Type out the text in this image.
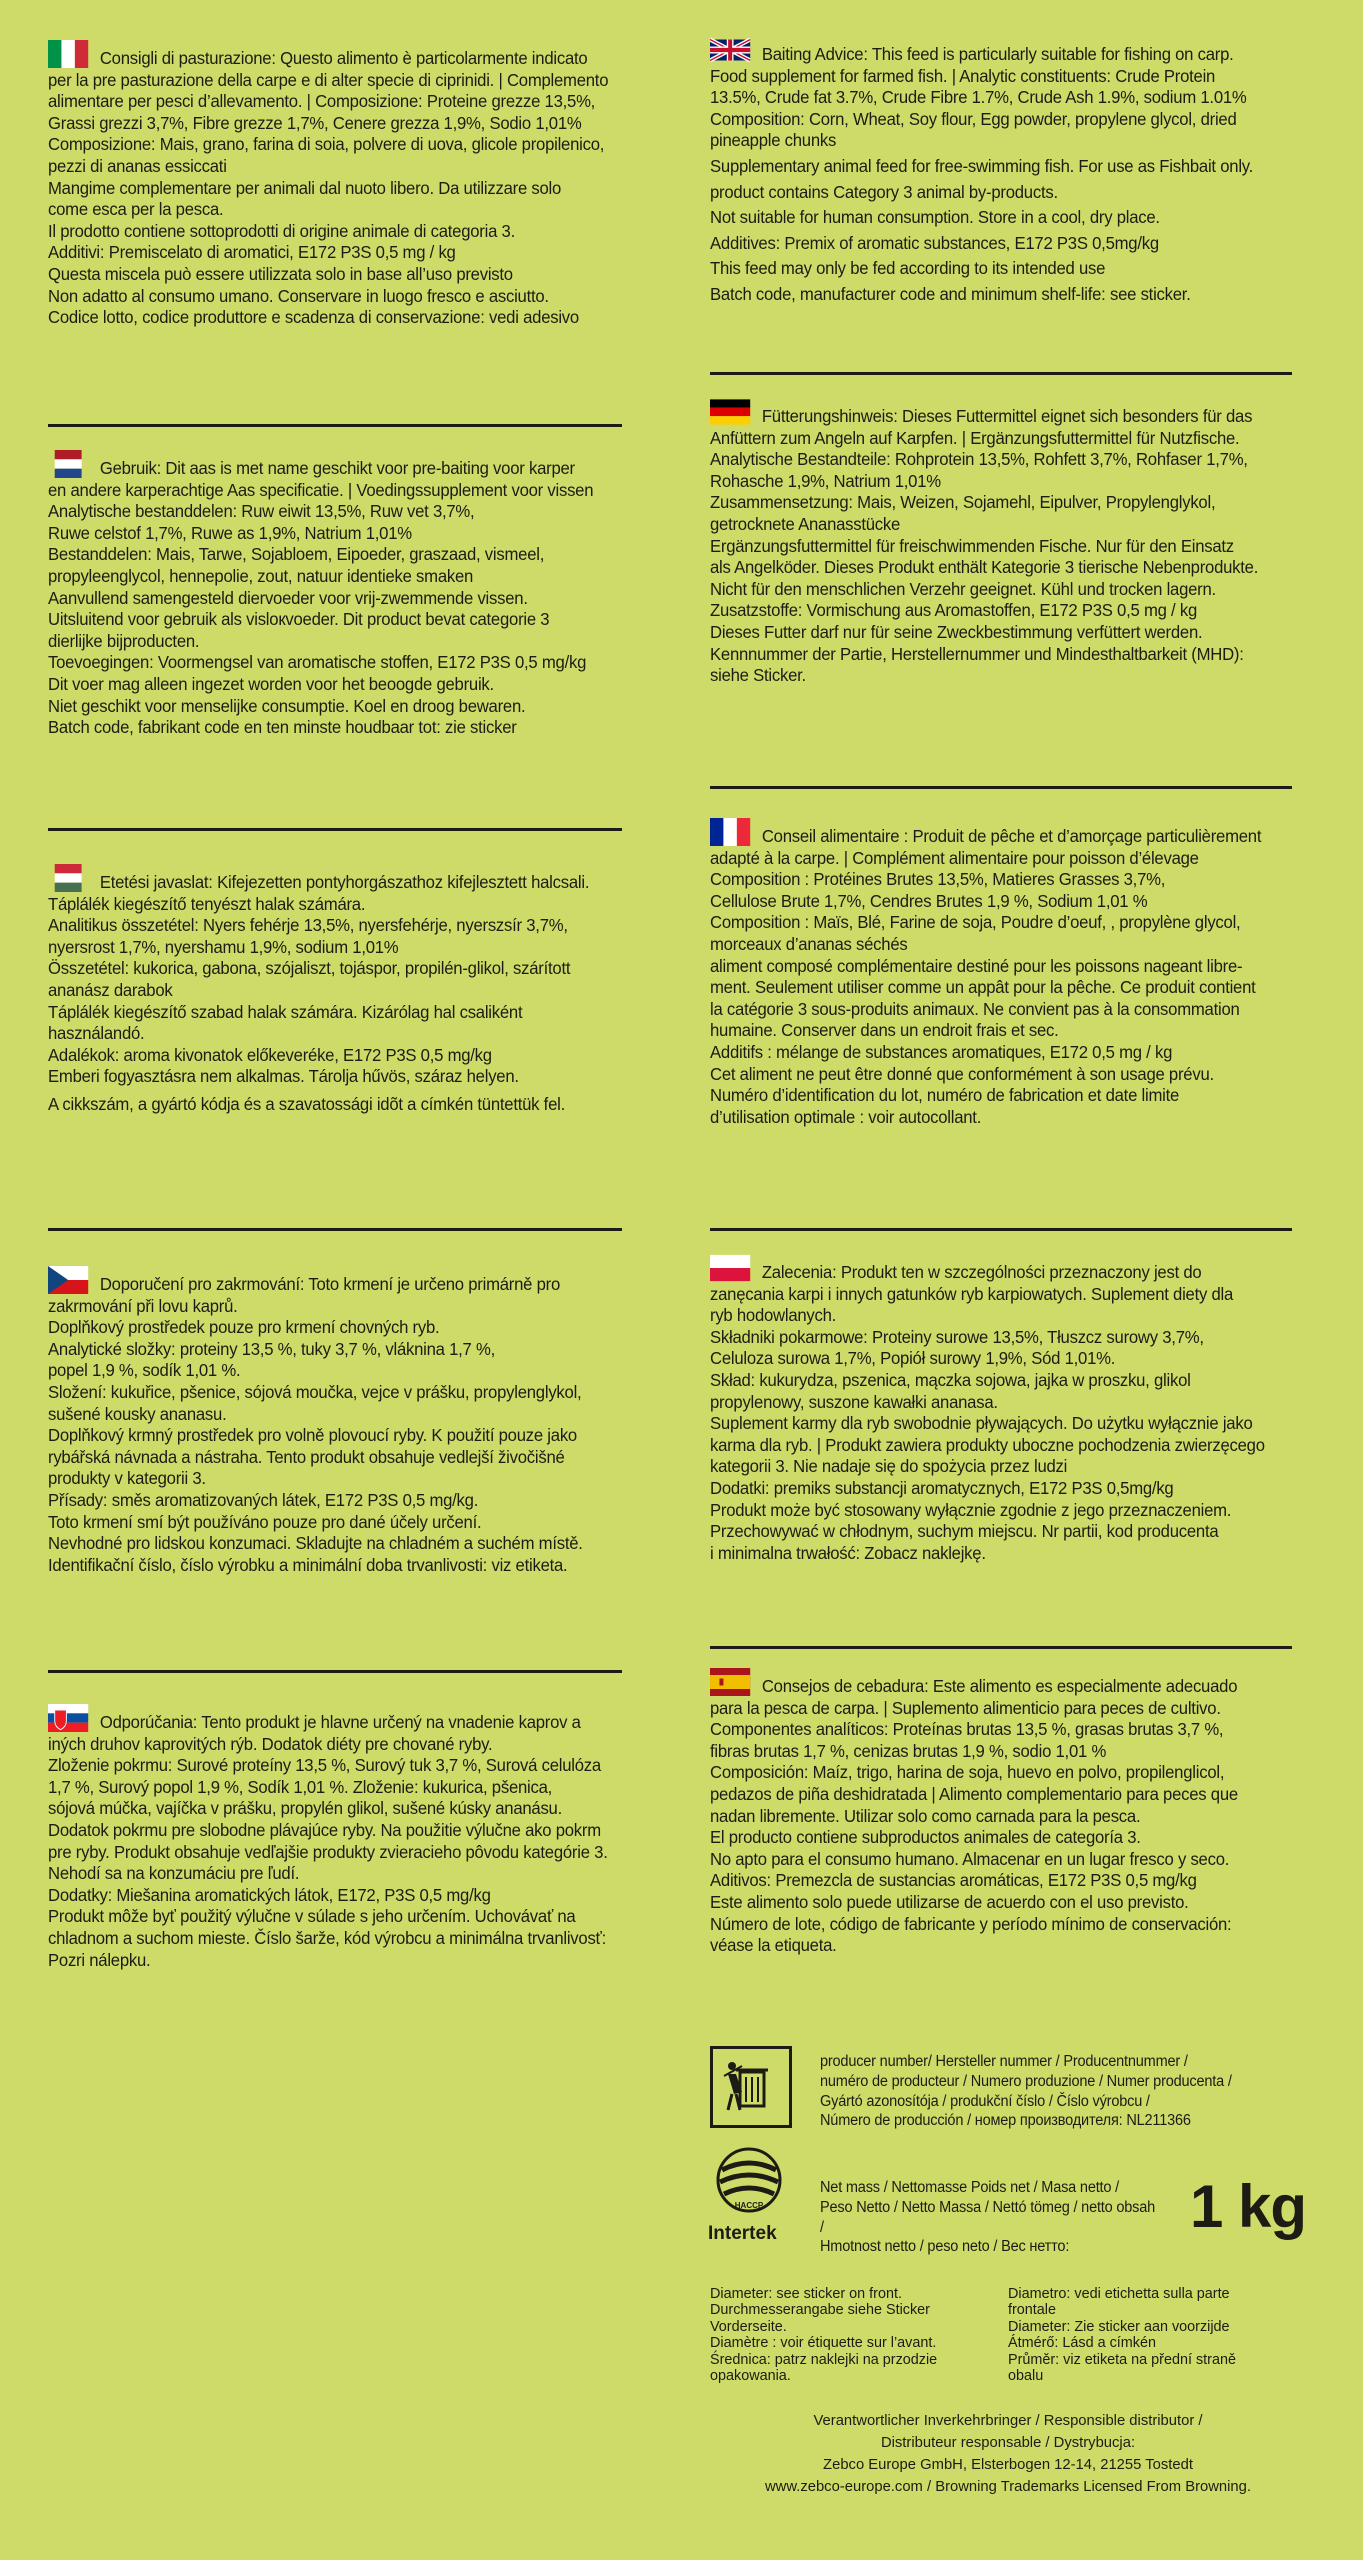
Consigli di pasturazione: Questo alimento è particolarmente indicato
per la pre pasturazione della carpe e di alter specie di ciprinidi. | Complemento
alimentare per pesci d’allevamento. | Composizione: Proteine grezze 13,5%,
Grassi grezzi 3,7%, Fibre grezze 1,7%, Cenere grezza 1,9%, Sodio 1,01%
Composizione: Mais, grano, farina di soia, polvere di uova, glicole propilenico,
pezzi di ananas essiccati
Mangime complementare per animali dal nuoto libero. Da utilizzare solo
come esca per la pesca.
Il prodotto contiene sottoprodotti di origine animale di categoria 3.
Additivi: Premiscelato di aromatici, E172 P3S 0,5 mg / kg
Questa miscela può essere utilizzata solo in base all’uso previsto
Non adatto al consumo umano. Conservare in luogo fresco e asciutto.
Codice lotto, codice produttore e scadenza di conservazione: vedi adesivo
Gebruik: Dit aas is met name geschikt voor pre-baiting voor karper
en andere karperachtige Aas specificatie. | Voedingssupplement voor vissen
Analytische bestanddelen: Ruw eiwit 13,5%, Ruw vet 3,7%,
Ruwe celstof 1,7%, Ruwe as 1,9%, Natrium 1,01%
Bestanddelen: Mais, Tarwe, Sojabloem, Eipoeder, graszaad, vismeel,
propyleenglycol, hennepolie, zout, natuur identieke smaken
Aanvullend samengesteld diervoeder voor vrij-zwemmende vissen.
Uitsluitend voor gebruik als visloкvoeder. Dit product bevat categorie 3
dierlijke bijproducten.
Toevoegingen: Voormengsel van aromatische stoffen, E172 P3S 0,5 mg/kg
Dit voer mag alleen ingezet worden voor het beoogde gebruik.
Niet geschikt voor menselijke consumptie. Koel en droog bewaren.
Batch code, fabrikant code en ten minste houdbaar tot: zie sticker
Etetési javaslat: Kifejezetten pontyhorgászathoz kifejlesztett halcsali.
Táplálék kiegészítő tenyészt halak számára.
Analitikus összetétel: Nyers fehérje 13,5%, nyersfehérje, nyerszsír 3,7%,
nyersrost 1,7%, nyershamu 1,9%, sodium 1,01%
Összetétel: kukorica, gabona, szójaliszt, tojáspor, propilén-glikol, szárított
ananász darabok
Táplálék kiegészítő szabad halak számára. Kizárólag hal csaliként
használandó.
Adalékok: aroma kivonatok előkeveréke, E172 P3S 0,5 mg/kg
Emberi fogyasztásra nem alkalmas. Tárolja hűvös, száraz helyen.
A cikkszám, a gyártó kódja és a szavatossági idõt a címkén tüntettük fel.
Doporučení pro zakrmování: Toto krmení je určeno primárně pro
zakrmování při lovu kaprů.
Doplňkový prostředek pouze pro krmení chovných ryb.
Analytické složky: proteiny 13,5 %, tuky 3,7 %, vláknina 1,7 %,
popel 1,9 %, sodík 1,01 %.
Složení: kukuřice, pšenice, sójová moučka, vejce v prášku, propylenglykol,
sušené kousky ananasu.
Doplňkový krmný prostředek pro volně plovoucí ryby. K použití pouze jako
rybářská návnada a nástraha. Tento produkt obsahuje vedlejší živočišné
produkty v kategorii 3.
Přísady: směs aromatizovaných látek, E172 P3S 0,5 mg/kg.
Toto krmení smí být používáno pouze pro dané účely určení.
Nevhodné pro lidskou konzumaci. Skladujte na chladném a suchém místě.
Identifikační číslo, číslo výrobku a minimální doba trvanlivosti: viz etiketa.
Odporúčania: Tento produkt je hlavne určený na vnadenie kaprov a
iných druhov kaprovitých rýb. Dodatok diéty pre chované ryby.
Zloženie pokrmu: Surové proteíny 13,5 %, Surový tuk 3,7 %, Surová celulóza
1,7 %, Surový popol 1,9 %, Sodík 1,01 %. Zloženie: kukurica, pšenica,
sójová múčka, vajíčka v prášku, propylén glikol, sušené kúsky ananásu.
Dodatok pokrmu pre slobodne plávajúce ryby. Na použitie výlučne ako pokrm
pre ryby. Produkt obsahuje vedľajšie produkty zvieracieho pôvodu kategórie 3.
Nehodí sa na konzumáciu pre ľudí.
Dodatky: Miešanina aromatických látok, E172, P3S 0,5 mg/kg
Produkt môže byť použitý výlučne v súlade s jeho určením. Uchovávať na
chladnom a suchom mieste. Číslo šarže, kód výrobcu a minimálna trvanlivosť:
Pozri nálepku.
Baiting Advice: This feed is particularly suitable for fishing on carp.
Food supplement for farmed fish. | Analytic constituents: Crude Protein
13.5%, Crude fat 3.7%, Crude Fibre 1.7%, Crude Ash 1.9%, sodium 1.01%
Composition: Corn, Wheat, Soy flour, Egg powder, propylene glycol, dried
pineapple chunks
Supplementary animal feed for free-swimming fish. For use as Fishbait only.
product contains Category 3 animal by-products.
Not suitable for human consumption. Store in a cool, dry place.
Additives: Premix of aromatic substances, E172 P3S 0,5mg/kg
This feed may only be fed according to its intended use
Batch code, manufacturer code and minimum shelf-life: see sticker.
Fütterungshinweis: Dieses Futtermittel eignet sich besonders für das
Anfüttern zum Angeln auf Karpfen. | Ergänzungsfuttermittel für Nutzfische.
Analytische Bestandteile: Rohprotein 13,5%, Rohfett 3,7%, Rohfaser 1,7%,
Rohasche 1,9%, Natrium 1,01%
Zusammensetzung: Mais, Weizen, Sojamehl, Eipulver, Propylenglykol,
getrocknete Ananasstücke
Ergänzungsfuttermittel für freischwimmenden Fische. Nur für den Einsatz
als Angelköder. Dieses Produkt enthält Kategorie 3 tierische Nebenprodukte.
Nicht für den menschlichen Verzehr geeignet. Kühl und trocken lagern.
Zusatzstoffe: Vormischung aus Aromastoffen, E172 P3S 0,5 mg / kg
Dieses Futter darf nur für seine Zweckbestimmung verfüttert werden.
Kennnummer der Partie, Herstellernummer und Mindesthaltbarkeit (MHD):
siehe Sticker.
Conseil alimentaire : Produit de pêche et d’amorçage particulièrement
adapté à la carpe. | Complément alimentaire pour poisson d’élevage
Composition : Protéines Brutes 13,5%, Matieres Grasses 3,7%,
Cellulose Brute 1,7%, Cendres Brutes 1,9 %, Sodium 1,01 %
Composition : Maïs, Blé, Farine de soja, Poudre d’oeuf, , propylène glycol,
morceaux d’ananas séchés
aliment composé complémentaire destiné pour les poissons nageant libre-
ment. Seulement utiliser comme un appât pour la pêche. Ce produit contient
la catégorie 3 sous-produits animaux. Ne convient pas à la consommation
humaine. Conserver dans un endroit frais et sec.
Additifs : mélange de substances aromatiques, E172 0,5 mg / kg
Cet aliment ne peut être donné que conformément à son usage prévu.
Numéro d’identification du lot, numéro de fabrication et date limite
d’utilisation optimale : voir autocollant.
Zalecenia: Produkt ten w szczególności przeznaczony jest do
zanęcania karpi i innych gatunków ryb karpiowatych. Suplement diety dla
ryb hodowlanych.
Składniki pokarmowe: Proteiny surowe 13,5%, Tłuszcz surowy 3,7%,
Celuloza surowa 1,7%, Popiół surowy 1,9%, Sód 1,01%.
Skład: kukurydza, pszenica, mączka sojowa, jajka w proszku, glikol
propylenowy, suszone kawałki ananasa.
Suplement karmy dla ryb swobodnie pływających. Do użytku wyłącznie jako
karma dla ryb. | Produkt zawiera produkty uboczne pochodzenia zwierzęcego
kategorii 3. Nie nadaje się do spożycia przez ludzi
Dodatki: premiks substancji aromatycznych, E172 P3S 0,5mg/kg
Produkt może być stosowany wyłącznie zgodnie z jego przeznaczeniem.
Przechowywać w chłodnym, suchym miejscu. Nr partii, kod producenta
i minimalna trwałość: Zobacz naklejkę.
Consejos de cebadura: Este alimento es especialmente adecuado
para la pesca de carpa. | Suplemento alimenticio para peces de cultivo.
Componentes analíticos: Proteínas brutas 13,5 %, grasas brutas 3,7 %,
fibras brutas 1,7 %, cenizas brutas 1,9 %, sodio 1,01 %
Composición: Maíz, trigo, harina de soja, huevo en polvo, propilenglicol,
pedazos de piña deshidratada | Alimento complementario para peces que
nadan libremente. Utilizar solo como carnada para la pesca.
El producto contiene subproductos animales de categoría 3.
No apto para el consumo humano. Almacenar en un lugar fresco y seco.
Aditivos: Premezcla de sustancias aromáticas, E172 P3S 0,5 mg/kg
Este alimento solo puede utilizarse de acuerdo con el uso previsto.
Número de lote, código de fabricante y período mínimo de conservación:
véase la etiqueta.
producer number/ Hersteller nummer / Producentnummer /
numéro de producteur / Numero produzione / Numer producenta /
Gyártó azonosítója / produkční číslo / Číslo výrobcu /
Número de producción / номер производителя: NL211366
HACCP
Intertek
Net mass / Nettomasse Poids net / Masa netto /
Peso Netto / Netto Massa / Nettó tömeg / netto obsah /
Hmotnost netto / peso neto / Вес нетто:
1 kg
Diameter: see sticker on front.
Durchmesserangabe siehe Sticker
Vorderseite.
Diamètre : voir étiquette sur l’avant.
Średnica: patrz naklejki na przodzie
opakowania.
Diametro: vedi etichetta sulla parte
frontale
Diameter: Zie sticker aan voorzijde
Átmérő: Lásd a címkén
Průměr: viz etiketa na přední straně
obalu
Verantwortlicher Inverkehrbringer / Responsible distributor /
Distributeur responsable / Dystrybucja:
Zebco Europe GmbH, Elsterbogen 12-14, 21255 Tostedt
www.zebco-europe.com / Browning Trademarks Licensed From Browning.
